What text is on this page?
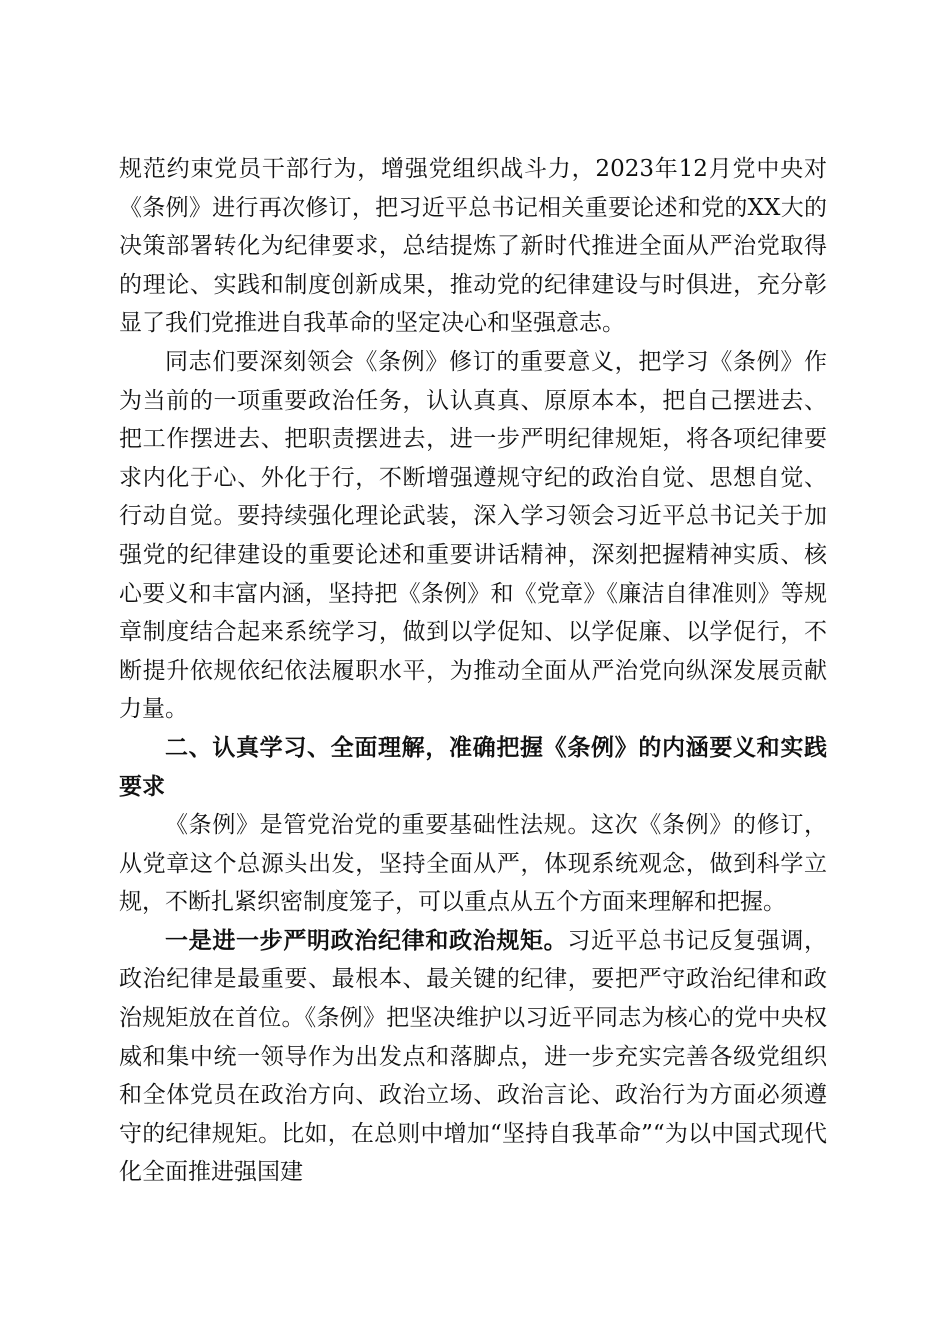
规范约束党员干部行为，增强党组织战斗力，2023年12月党中央对《条例》进行再次修订，把习近平总书记相关重要论述和党的XX大的决策部署转化为纪律要求，总结提炼了新时代推进全面从严治党取得的理论、实践和制度创新成果，推动党的纪律建设与时俱进，充分彰显了我们党推进自我革命的坚定决心和坚强意志。

同志们要深刻领会《条例》修订的重要意义，把学习《条例》作为当前的一项重要政治任务，认认真真、原原本本，把自己摆进去、把工作摆进去、把职责摆进去，进一步严明纪律规矩，将各项纪律要求内化于心、外化于行，不断增强遵规守纪的政治自觉、思想自觉、行动自觉。要持续强化理论武装，深入学习领会习近平总书记关于加强党的纪律建设的重要论述和重要讲话精神，深刻把握精神实质、核心要义和丰富内涵，坚持把《条例》和《党章》《廉洁自律准则》等规章制度结合起来系统学习，做到以学促知、以学促廉、以学促行，不断提升依规依纪依法履职水平，为推动全面从严治党向纵深发展贡献力量。

二、认真学习、全面理解，准确把握《条例》的内涵要义和实践要求

《条例》是管党治党的重要基础性法规。这次《条例》的修订，从党章这个总源头出发，坚持全面从严，体现系统观念，做到科学立规，不断扎紧织密制度笼子，可以重点从五个方面来理解和把握。

一是进一步严明政治纪律和政治规矩。习近平总书记反复强调，政治纪律是最重要、最根本、最关键的纪律，要把严守政治纪律和政治规矩放在首位。《条例》把坚决维护以习近平同志为核心的党中央权威和集中统一领导作为出发点和落脚点，进一步充实完善各级党组织和全体党员在政治方向、政治立场、政治言论、政治行为方面必须遵守的纪律规矩。比如，在总则中增加“坚持自我革命”“为以中国式现代化全面推进强国建
